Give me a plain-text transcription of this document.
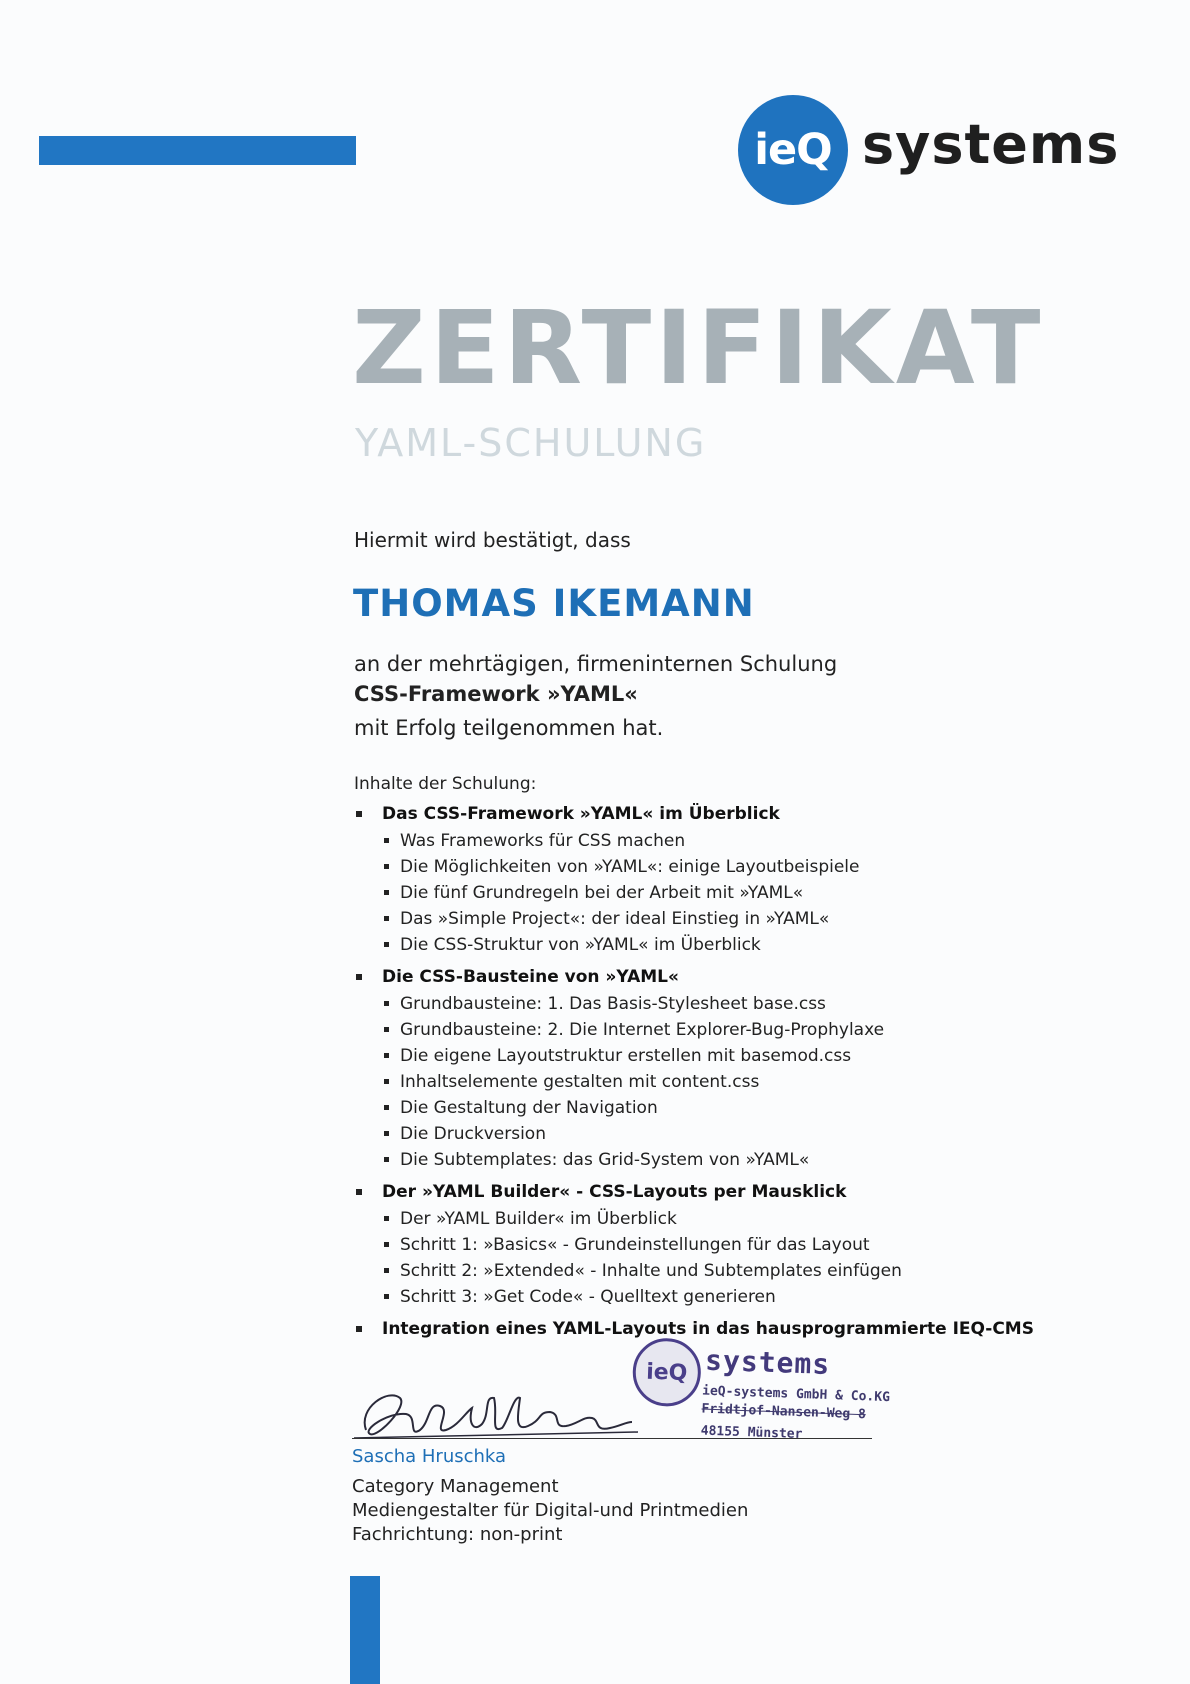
ieQ systems
ZERTIFIKAT
YAML-SCHULUNG
Hiermit wird bestätigt, dass
THOMAS IKEMANN
an der mehrtägigen, firmeninternen Schulung
CSS-Framework »YAML«
mit Erfolg teilgenommen hat.
Inhalte der Schulung:
Das CSS-Framework »YAML« im Überblick
Was Frameworks für CSS machen
Die Möglichkeiten von »YAML«: einige Layoutbeispiele
Die fünf Grundregeln bei der Arbeit mit »YAML«
Das »Simple Project«: der ideal Einstieg in »YAML«
Die CSS-Struktur von »YAML« im Überblick
Die CSS-Bausteine von »YAML«
Grundbausteine: 1. Das Basis-Stylesheet base.css
Grundbausteine: 2. Die Internet Explorer-Bug-Prophylaxe
Die eigene Layoutstruktur erstellen mit basemod.css
Inhaltselemente gestalten mit content.css
Die Gestaltung der Navigation
Die Druckversion
Die Subtemplates: das Grid-System von »YAML«
Der »YAML Builder« - CSS-Layouts per Mausklick
Der »YAML Builder« im Überblick
Schritt 1: »Basics« - Grundeinstellungen für das Layout
Schritt 2: »Extended« - Inhalte und Subtemplates einfügen
Schritt 3: »Get Code« - Quelltext generieren
Integration eines YAML-Layouts in das hausprogrammierte IEQ-CMS
Sascha Hruschka
Category Management
Mediengestalter für Digital-und Printmedien
Fachrichtung: non-print
ieQ systems
ieQ-systems GmbH & Co.KG
Fridtjof-Nansen-Weg 8
48155 Münster
